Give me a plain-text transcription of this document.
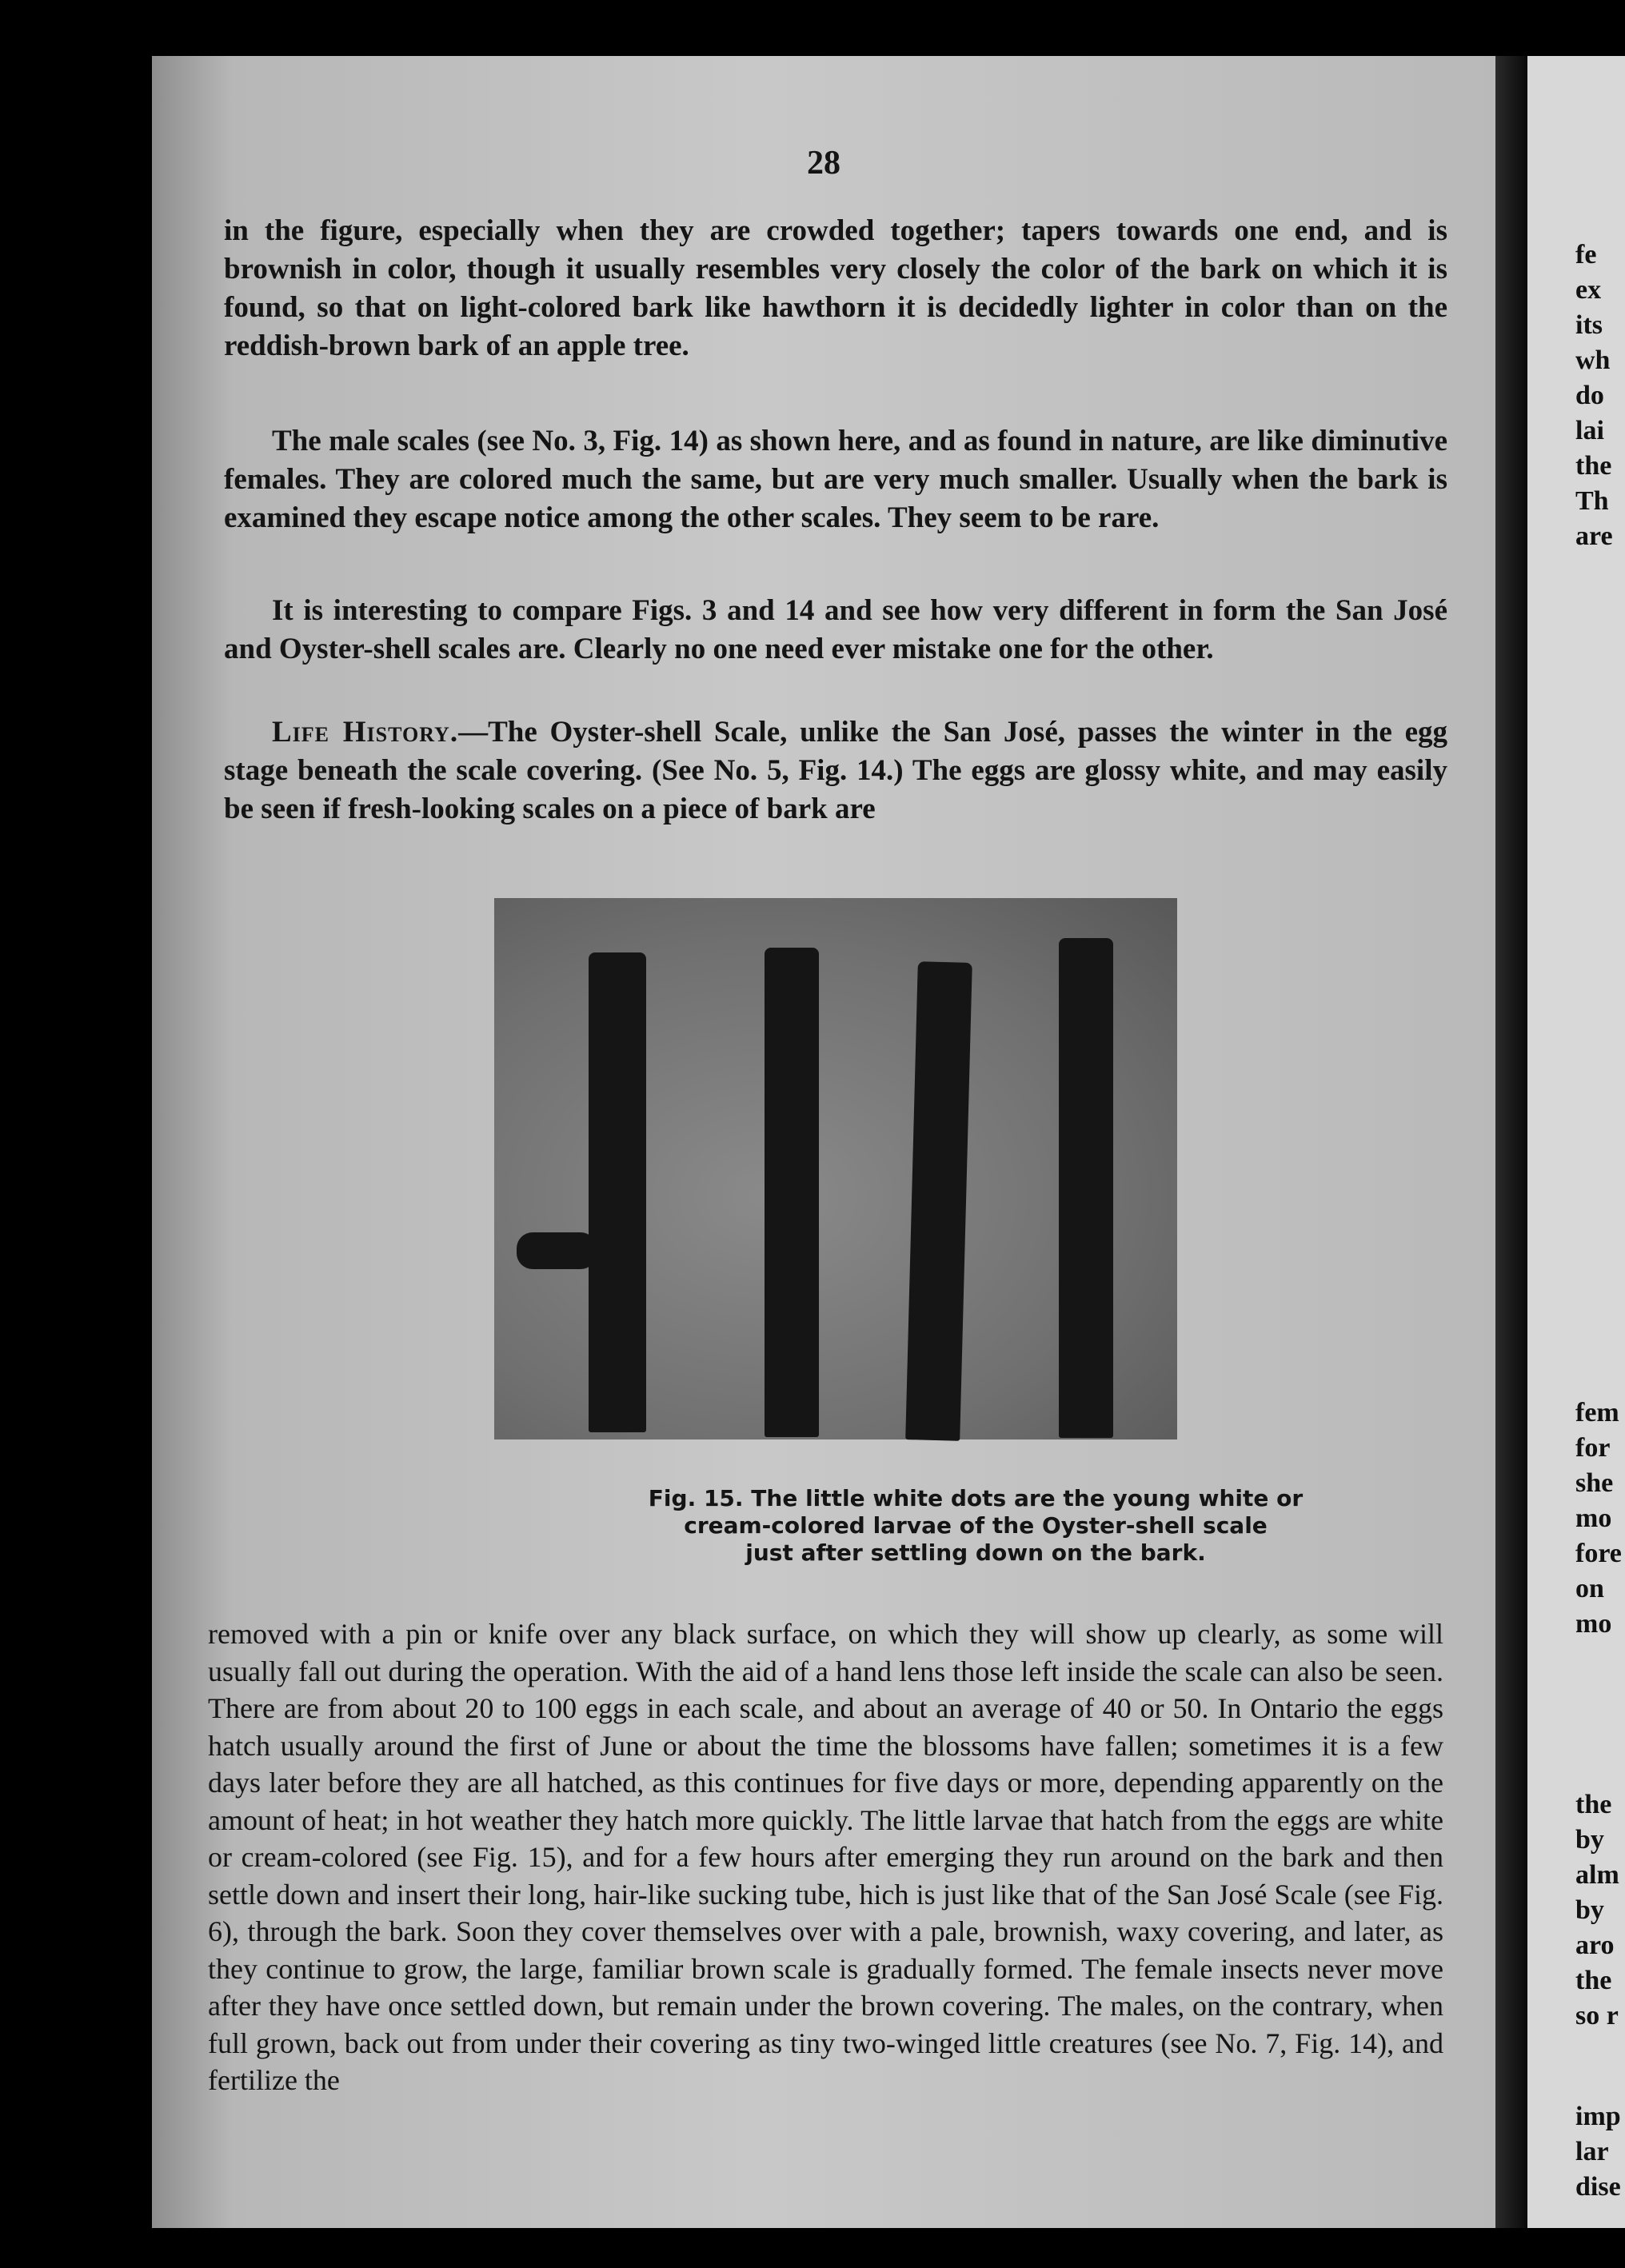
28

in the figure, especially when they are crowded together; tapers towards one end, and is brownish in color, though it usually resembles very closely the color of the bark on which it is found, so that on light-colored bark like hawthorn it is decidedly lighter in color than on the reddish-brown bark of an apple tree.

The male scales (see No. 3, Fig. 14) as shown here, and as found in nature, are like diminutive females. They are colored much the same, but are very much smaller. Usually when the bark is examined they escape notice among the other scales. They seem to be rare.

It is interesting to compare Figs. 3 and 14 and see how very different in form the San José and Oyster-shell scales are. Clearly no one need ever mistake one for the other.

Life History.—The Oyster-shell Scale, unlike the San José, passes the winter in the egg stage beneath the scale covering. (See No. 5, Fig. 14.) The eggs are glossy white, and may easily be seen if fresh-looking scales on a piece of bark are

Fig. 15. The little white dots are the young white or
cream-colored larvae of the Oyster-shell scale
just after settling down on the bark.

removed with a pin or knife over any black surface, on which they will show up clearly, as some will usually fall out during the operation. With the aid of a hand lens those left inside the scale can also be seen. There are from about 20 to 100 eggs in each scale, and about an average of 40 or 50. In Ontario the eggs hatch usually around the first of June or about the time the blossoms have fallen; sometimes it is a few days later before they are all hatched, as this continues for five days or more, depending apparently on the amount of heat; in hot weather they hatch more quickly. The little larvae that hatch from the eggs are white or cream-colored (see Fig. 15), and for a few hours after emerging they run around on the bark and then settle down and insert their long, hair-like sucking tube, hich is just like that of the San José Scale (see Fig. 6), through the bark. Soon they cover themselves over with a pale, brownish, waxy covering, and later, as they continue to grow, the large, familiar brown scale is gradually formed. The female insects never move after they have once settled down, but remain under the brown covering. The males, on the contrary, when full grown, back out from under their covering as tiny two-winged little creatures (see No. 7, Fig. 14), and fertilize the

fe
ex
its
wh
do
lai
the
Th
are
fem
for
she
mo
fore
on
mo
the
by
alm
by
aro
the
so r
imp
lar
dise
